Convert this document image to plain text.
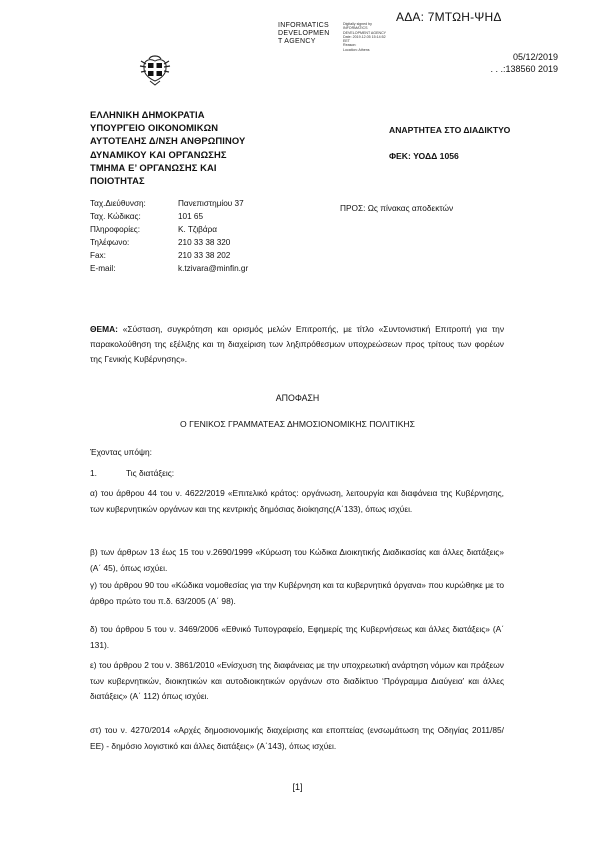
ΑΔΑ: 7ΜΤΩΗ-ΨΗΔ
INFORMATICS
DEVELOPMEN
T AGENCY
Digitally signed by
INFORMATICS
DEVELOPMENT AGENCY
Date: 2019.12.05 15:14:52
EET
Reason:
Location: Athens
05/12/2019
. . .:138560 2019
ΕΛΛΗΝΙΚΗ ΔΗΜΟΚΡΑΤΙΑ
ΥΠΟΥΡΓΕΙΟ ΟΙΚΟΝΟΜΙΚΩΝ
ΑΥΤΟΤΕΛΗΣ Δ/ΝΣΗ ΑΝΘΡΩΠΙΝΟΥ
ΔΥΝΑΜΙΚΟΥ ΚΑΙ ΟΡΓΑΝΩΣΗΣ
ΤΜΗΜΑ Ε’ ΟΡΓΑΝΩΣΗΣ ΚΑΙ
ΠΟΙΟΤΗΤΑΣ
ΑΝΑΡΤΗΤΕΑ ΣΤΟ ΔΙΑΔΙΚΤΥΟ
ΦΕΚ: ΥΟΔΔ 1056
Ταχ.Διεύθυνση:	Πανεπιστημίου 37
Ταχ. Κώδικας:	101 65
Πληροφορίες:	Κ. Τζιβάρα
Τηλέφωνο:	210 33 38 320
Fax:	210 33 38 202
E-mail:	k.tzivara@minfin.gr
ΠΡΟΣ: Ως πίνακας αποδεκτών
ΘΕΜΑ: «Σύσταση, συγκρότηση και ορισμός μελών Επιτροπής, με τίτλο «Συντονιστική Επιτροπή για την παρακολούθηση της εξέλιξης και τη διαχείριση των ληξιπρόθεσμων υποχρεώσεων προς τρίτους των φορέων της Γενικής Κυβέρνησης».
ΑΠΟΦΑΣΗ
Ο ΓΕΝΙΚΟΣ ΓΡΑΜΜΑΤΕΑΣ ΔΗΜΟΣΙΟΝΟΜΙΚΗΣ ΠΟΛΙΤΙΚΗΣ
Έχοντας υπόψη:
1.	Τις διατάξεις:
α) του άρθρου 44 του ν. 4622/2019 «Επιτελικό κράτος: οργάνωση, λειτουργία και διαφάνεια της Κυβέρνησης, των κυβερνητικών οργάνων και της κεντρικής δημόσιας διοίκησης(Α΄133), όπως ισχύει.
β) των άρθρων 13 έως 15 του ν.2690/1999 «Κύρωση του Κώδικα Διοικητικής Διαδικασίας και άλλες διατάξεις» (Α΄ 45), όπως ισχύει.
γ) του άρθρου 90 του «Κώδικα νομοθεσίας για την Κυβέρνηση και τα κυβερνητικά όργανα» που κυρώθηκε με το άρθρο πρώτο του π.δ. 63/2005 (Α΄ 98).
δ) του άρθρου 5 του ν. 3469/2006 «Εθνικό Τυπογραφείο, Εφημερίς της Κυβερνήσεως και άλλες διατάξεις» (Α΄ 131).
ε) του άρθρου 2 του ν. 3861/2010 «Ενίσχυση της διαφάνειας με την υποχρεωτική ανάρτηση νόμων και πράξεων των κυβερνητικών, διοικητικών και αυτοδιοικητικών οργάνων στο διαδίκτυο ‘Πρόγραμμα Διαύγεια’ και άλλες διατάξεις» (Α΄ 112) όπως ισχύει.
στ) του ν. 4270/2014 «Αρχές δημοσιονομικής διαχείρισης και εποπτείας (ενσωμάτωση της Οδηγίας 2011/85/ΕΕ) - δημόσιο λογιστικό και άλλες διατάξεις» (Α΄143), όπως ισχύει.
[1]
